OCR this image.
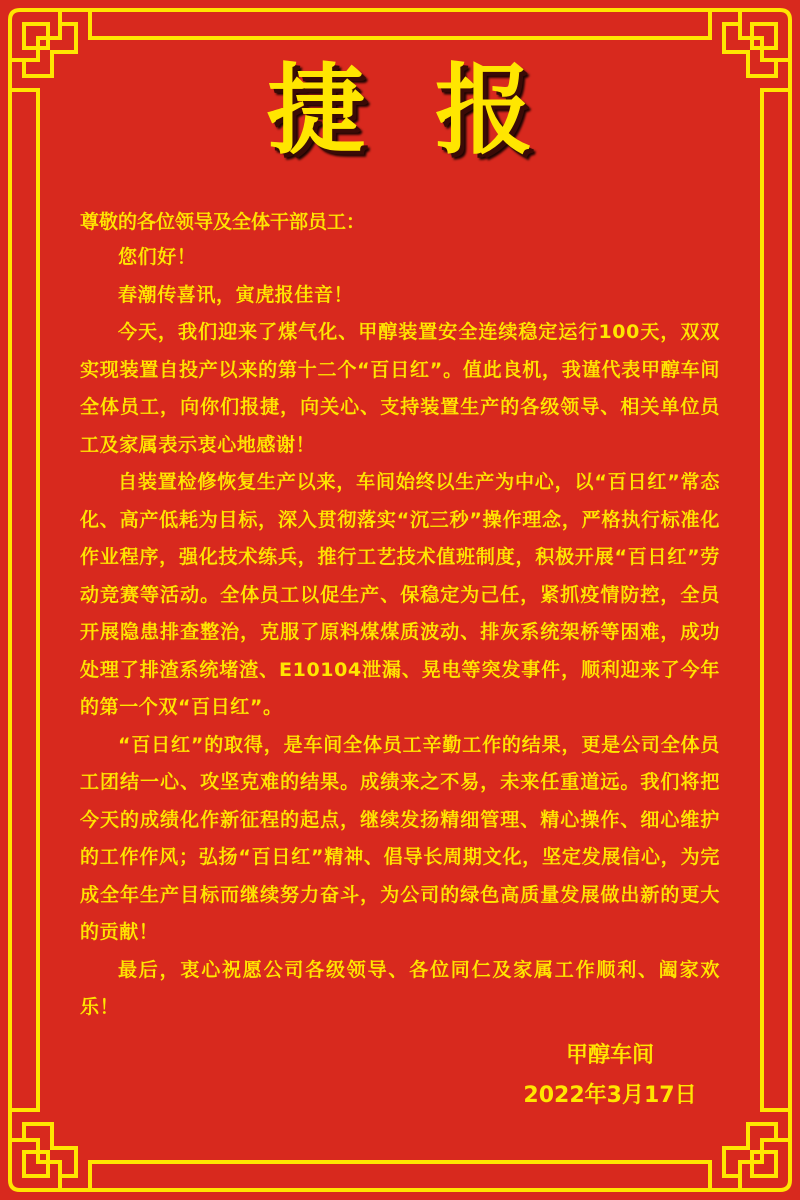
捷报
尊敬的各位领导及全体干部员工：

您们好！

春潮传喜讯，寅虎报佳音！

今天，我们迎来了煤气化、甲醇装置安全连续稳定运行100天，双双实现装置自投产以来的第十二个“百日红”。值此良机，我谨代表甲醇车间全体员工，向你们报捷，向关心、支持装置生产的各级领导、相关单位员工及家属表示衷心地感谢！

自装置检修恢复生产以来，车间始终以生产为中心，以“百日红”常态化、高产低耗为目标，深入贯彻落实“沉三秒”操作理念，严格执行标准化作业程序，强化技术练兵，推行工艺技术值班制度，积极开展“百日红”劳动竞赛等活动。全体员工以促生产、保稳定为己任，紧抓疫情防控，全员开展隐患排查整治，克服了原料煤煤质波动、排灰系统架桥等困难，成功处理了排渣系统堵渣、E10104泄漏、晃电等突发事件，顺利迎来了今年的第一个双“百日红”。

“百日红”的取得，是车间全体员工辛勤工作的结果，更是公司全体员工团结一心、攻坚克难的结果。成绩来之不易，未来任重道远。我们将把今天的成绩化作新征程的起点，继续发扬精细管理、精心操作、细心维护的工作作风；弘扬“百日红”精神、倡导长周期文化，坚定发展信心，为完成全年生产目标而继续努力奋斗，为公司的绿色高质量发展做出新的更大的贡献！

最后，衷心祝愿公司各级领导、各位同仁及家属工作顺利、阖家欢乐！

甲醇车间
2022年3月17日
